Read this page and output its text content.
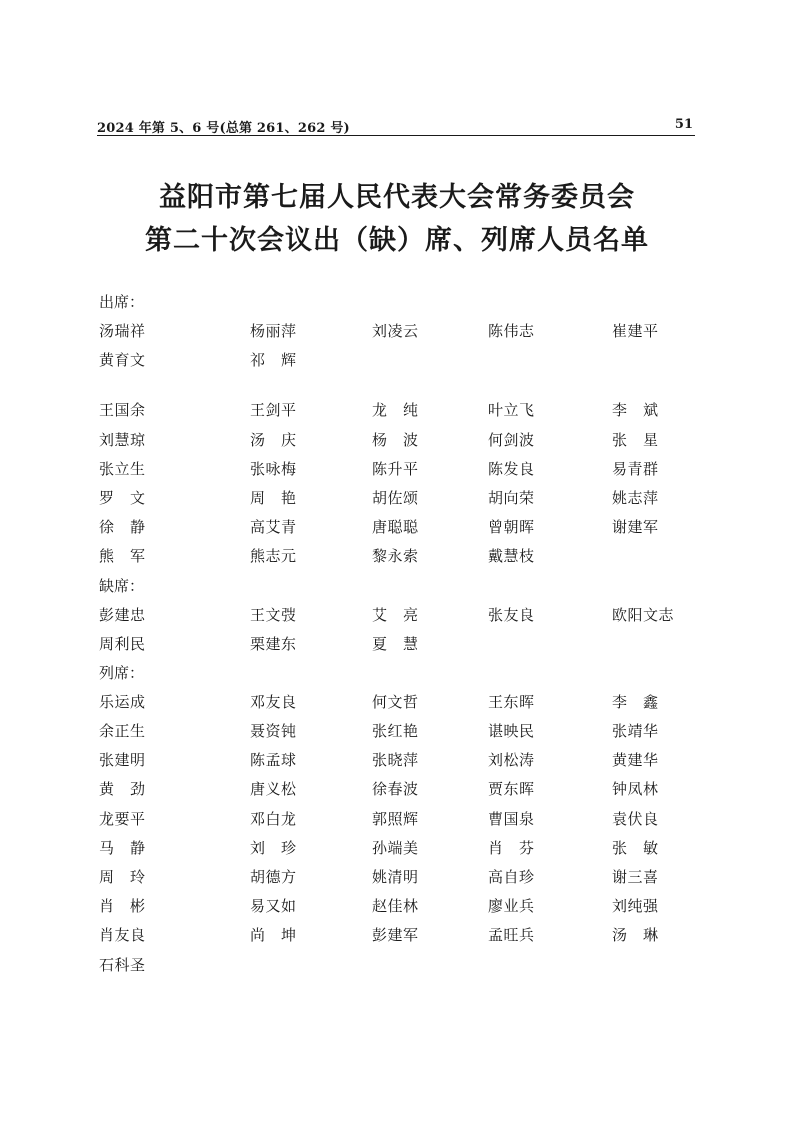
2024 年第 5、6 号(总第 261、262 号)	51
益阳市第七届人民代表大会常务委员会
第二十次会议出（缺）席、列席人员名单
出席：
汤瑞祥	杨丽萍	刘凌云	陈伟志	崔建平
黄育文	祁　辉
王国余	王剑平	龙　纯	叶立飞	李　斌
刘慧琼	汤　庆	杨　波	何剑波	张　星
张立生	张咏梅	陈升平	陈发良	易青群
罗　文	周　艳	胡佐颂	胡向荣	姚志萍
徐　静	高艾青	唐聪聪	曾朝晖	谢建军
熊　军	熊志元	黎永索	戴慧枝
缺席：
彭建忠	王文弢	艾　亮	张友良	欧阳文志
周利民	栗建东	夏　慧
列席：
乐运成	邓友良	何文哲	王东晖	李　鑫
余正生	聂资钝	张红艳	谌映民	张靖华
张建明	陈孟球	张晓萍	刘松涛	黄建华
黄　劲	唐义松	徐春波	贾东晖	钟凤林
龙要平	邓白龙	郭照辉	曹国泉	袁伏良
马　静	刘　珍	孙端美	肖　芬	张　敏
周　玲	胡德方	姚清明	高自珍	谢三喜
肖　彬	易又如	赵佳林	廖业兵	刘纯强
肖友良	尚　坤	彭建军	孟旺兵	汤　琳
石科圣
